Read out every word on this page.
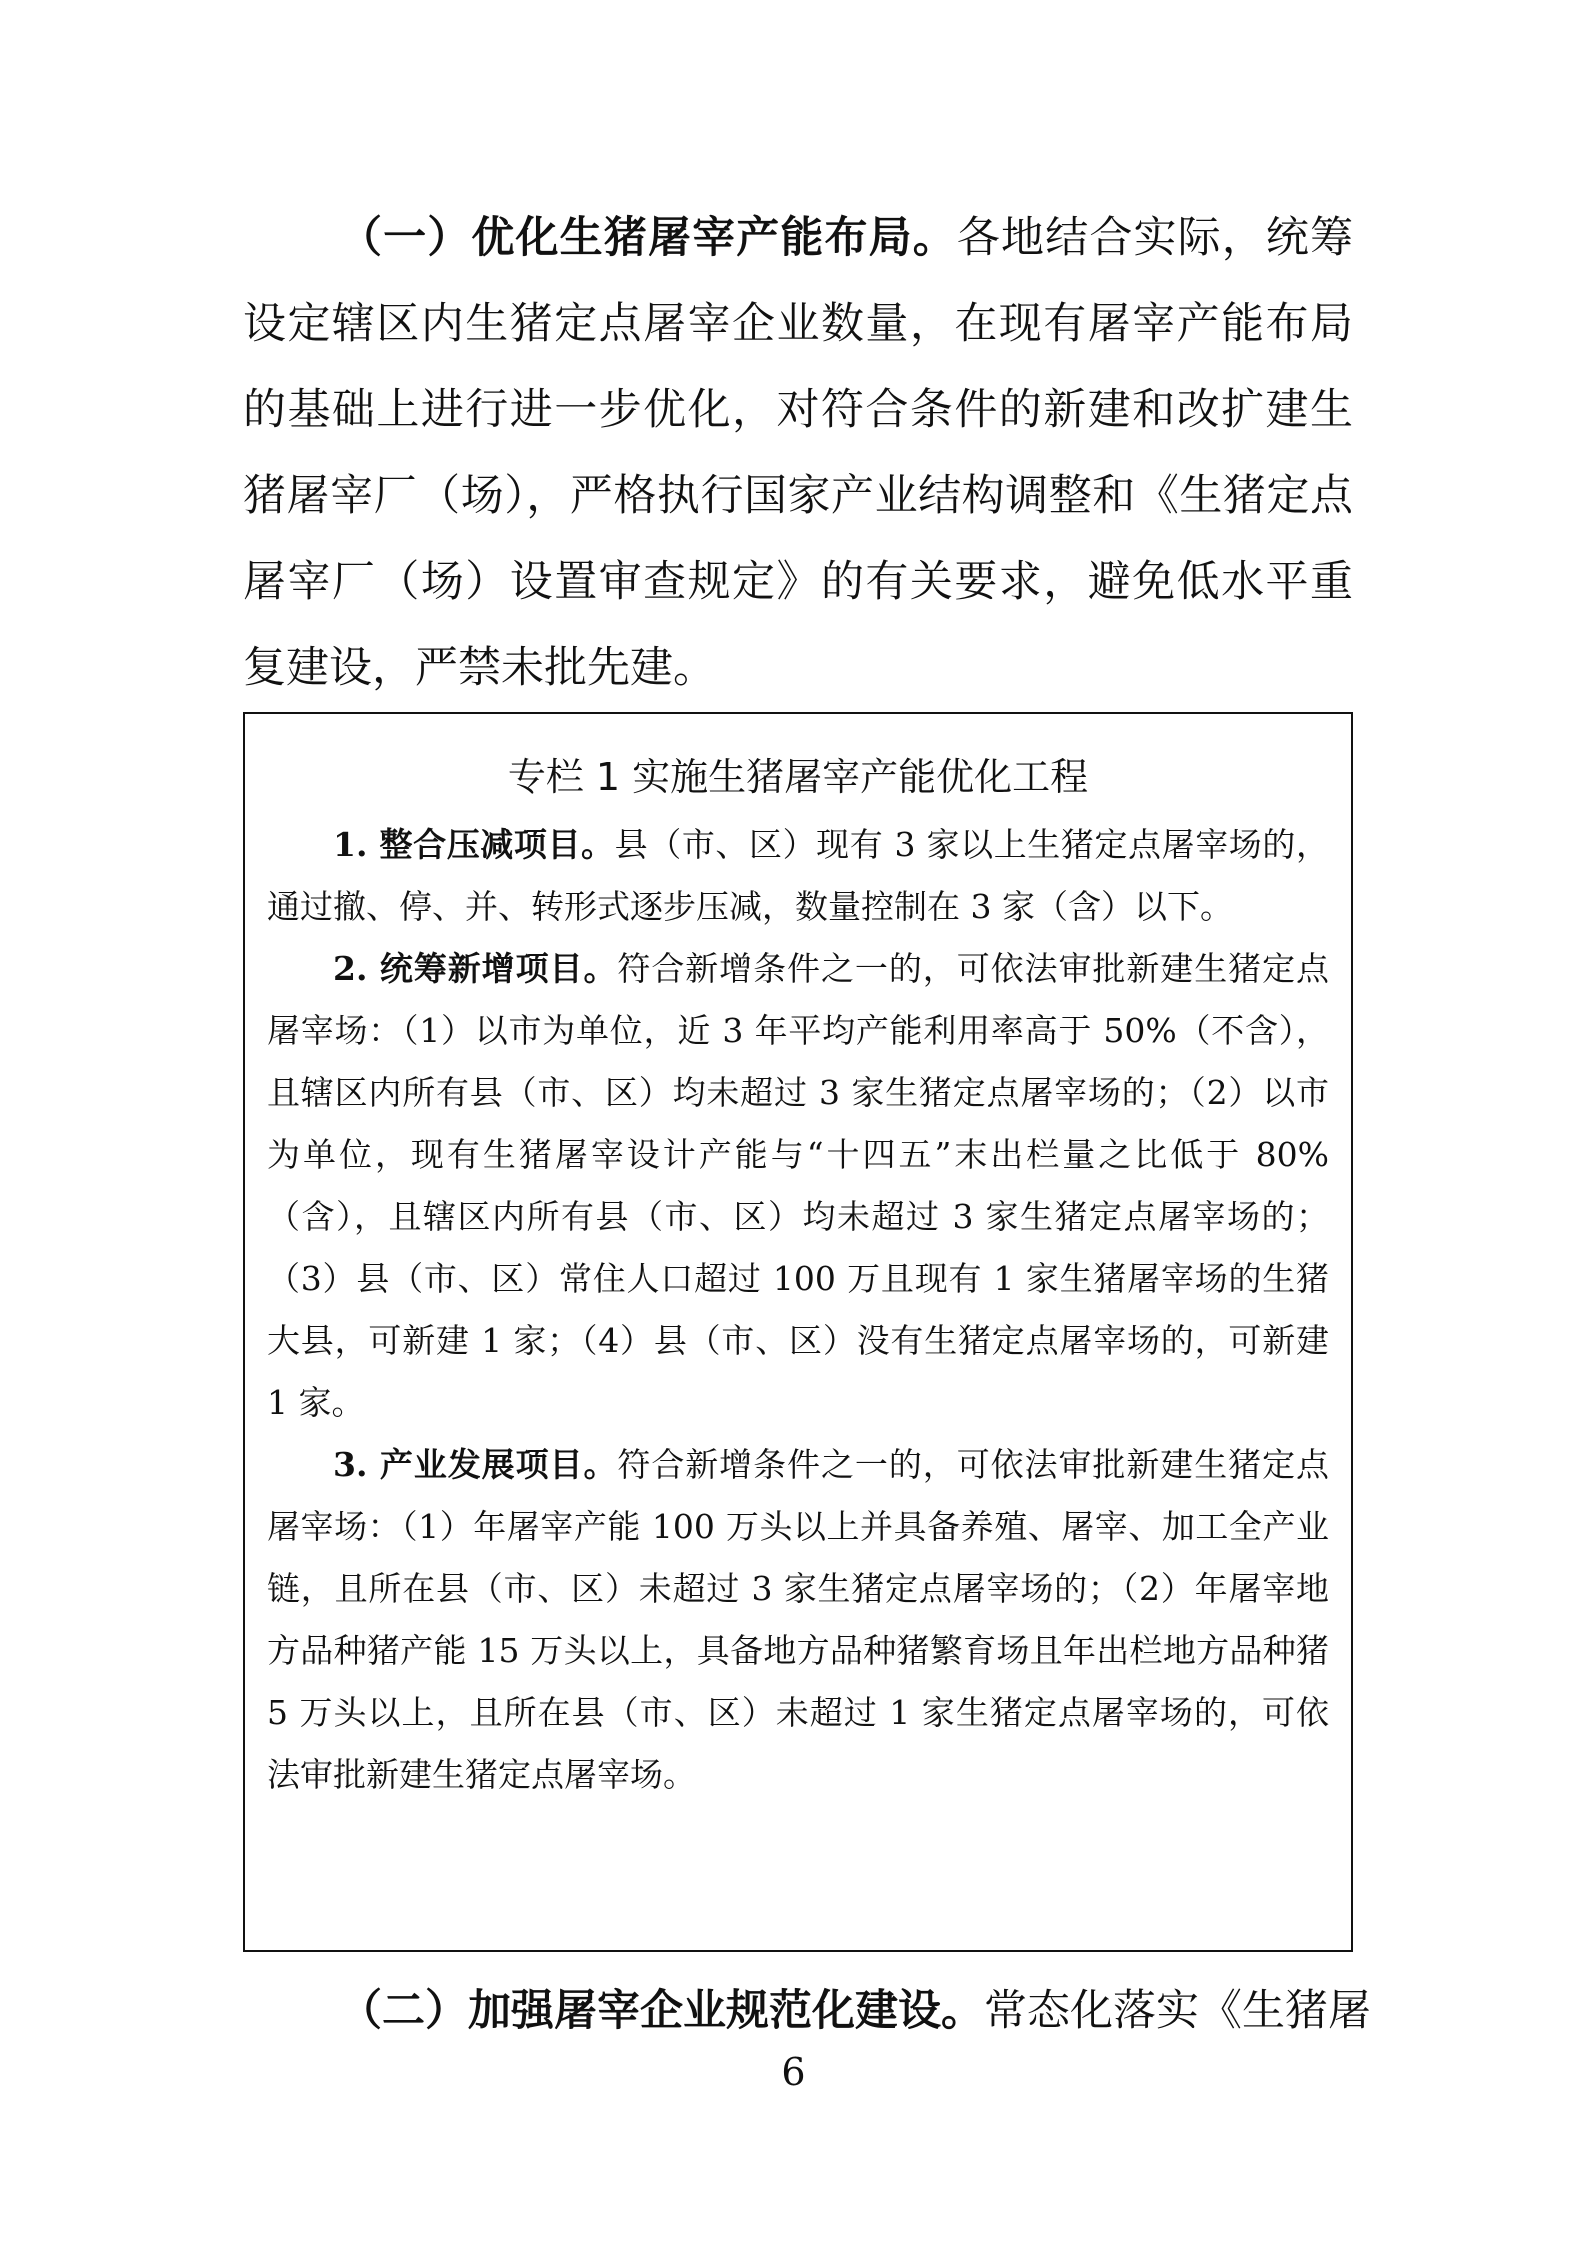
（一）优化生猪屠宰产能布局。各地结合实际，统筹设定辖区内生猪定点屠宰企业数量，在现有屠宰产能布局的基础上进行进一步优化，对符合条件的新建和改扩建生猪屠宰厂（场），严格执行国家产业结构调整和《生猪定点屠宰厂（场）设置审查规定》的有关要求，避免低水平重复建设，严禁未批先建。
专栏 1 实施生猪屠宰产能优化工程

1. 整合压减项目。县（市、区）现有 3 家以上生猪定点屠宰场的，通过撤、停、并、转形式逐步压减，数量控制在 3 家（含）以下。

2. 统筹新增项目。符合新增条件之一的，可依法审批新建生猪定点屠宰场：（1）以市为单位，近 3 年平均产能利用率高于 50%（不含），且辖区内所有县（市、区）均未超过 3 家生猪定点屠宰场的；（2）以市为单位，现有生猪屠宰设计产能与“十四五”末出栏量之比低于 80%（含），且辖区内所有县（市、区）均未超过 3 家生猪定点屠宰场的；（3）县（市、区）常住人口超过 100 万且现有 1 家生猪屠宰场的生猪大县，可新建 1 家；（4）县（市、区）没有生猪定点屠宰场的，可新建 1 家。

3. 产业发展项目。符合新增条件之一的，可依法审批新建生猪定点屠宰场：（1）年屠宰产能 100 万头以上并具备养殖、屠宰、加工全产业链，且所在县（市、区）未超过 3 家生猪定点屠宰场的；（2）年屠宰地方品种猪产能 15 万头以上，具备地方品种猪繁育场且年出栏地方品种猪 5 万头以上，且所在县（市、区）未超过 1 家生猪定点屠宰场的，可依法审批新建生猪定点屠宰场。

（二）加强屠宰企业规范化建设。常态化落实《生猪屠
6
